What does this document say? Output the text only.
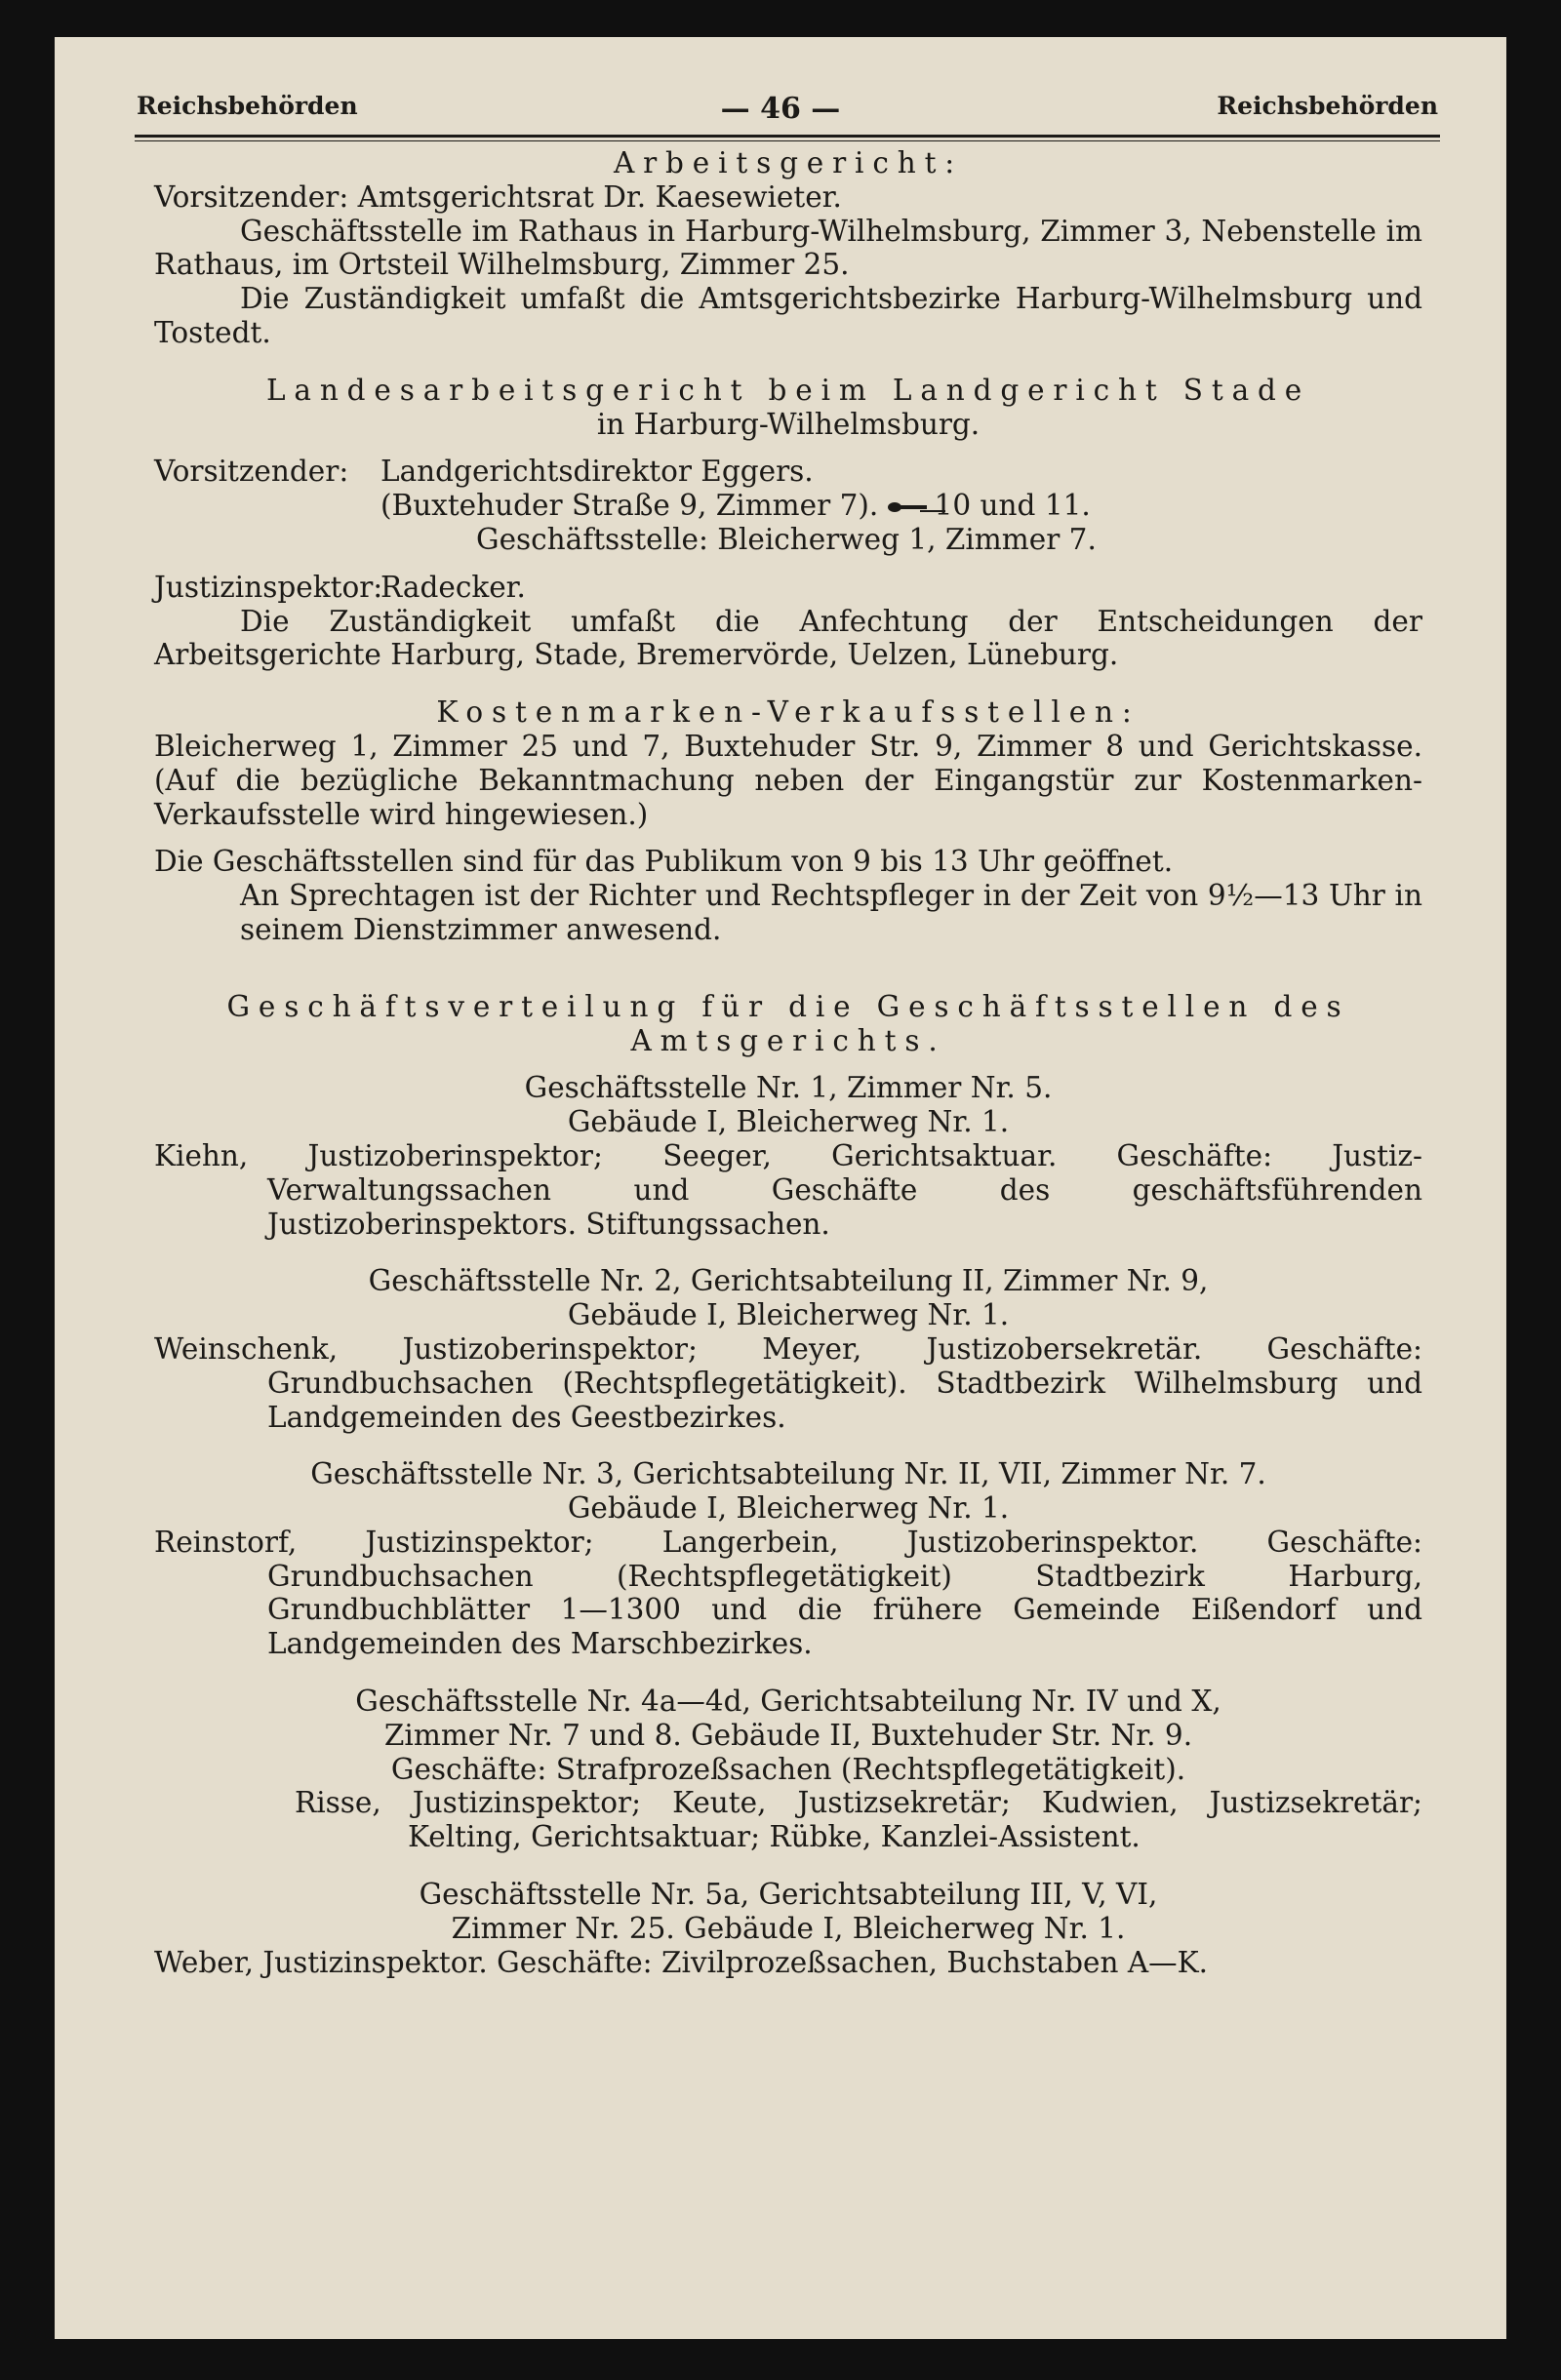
Reichsbehörden	— 46 —	Reichsbehörden

Arbeitsgericht:

Vorsitzender: Amtsgerichtsrat Dr. Kaesewieter.

Geschäftsstelle im Rathaus in Harburg-Wilhelmsburg, Zimmer 3, Nebenstelle im Rathaus, im Ortsteil Wilhelmsburg, Zimmer 25.

Die Zuständigkeit umfaßt die Amtsgerichtsbezirke Harburg-Wilhelmsburg und Tostedt.

Landesarbeitsgericht beim Landgericht Stade

in Harburg-Wilhelmsburg.

Vorsitzender:	Landgerichtsdirektor Eggers.

(Buxtehuder Straße 9, Zimmer 7). 10 und 11.

Geschäftsstelle: Bleicherweg 1, Zimmer 7.

Justizinspektor:
Radecker.

Die Zuständigkeit umfaßt die Anfechtung der Entscheidungen der Arbeitsgerichte Harburg, Stade, Bremervörde, Uelzen, Lüneburg.

Kostenmarken-Verkaufsstellen:

Bleicherweg 1, Zimmer 25 und 7, Buxtehuder Str. 9, Zimmer 8 und Gerichtskasse. (Auf die bezügliche Bekanntmachung neben der Eingangstür zur Kostenmarken-Verkaufsstelle wird hingewiesen.)

Die Geschäftsstellen sind für das Publikum von 9 bis 13 Uhr geöffnet.

An Sprechtagen ist der Richter und Rechtspfleger in der Zeit von 9½—13 Uhr in seinem Dienstzimmer anwesend.

Geschäftsverteilung für die Geschäftsstellen des

Amtsgerichts.

Geschäftsstelle Nr. 1, Zimmer Nr. 5.

Gebäude I, Bleicherweg Nr. 1.

Kiehn, Justizoberinspektor; Seeger, Gerichtsaktuar. Geschäfte: Justiz-Verwaltungssachen und Geschäfte des geschäftsführenden Justizoberinspektors. Stiftungssachen.

Geschäftsstelle Nr. 2, Gerichtsabteilung II, Zimmer Nr. 9,

Gebäude I, Bleicherweg Nr. 1.

Weinschenk, Justizoberinspektor; Meyer, Justizobersekretär. Geschäfte: Grundbuchsachen (Rechtspflegetätigkeit). Stadtbezirk Wilhelmsburg und Landgemeinden des Geestbezirkes.

Geschäftsstelle Nr. 3, Gerichtsabteilung Nr. II, VII, Zimmer Nr. 7.

Gebäude I, Bleicherweg Nr. 1.

Reinstorf, Justizinspektor; Langerbein, Justizoberinspektor. Geschäfte: Grundbuchsachen (Rechtspflegetätigkeit) Stadtbezirk Harburg, Grundbuchblätter 1—1300 und die frühere Gemeinde Eißendorf und Landgemeinden des Marschbezirkes.

Geschäftsstelle Nr. 4a—4d, Gerichtsabteilung Nr. IV und X,

Zimmer Nr. 7 und 8. Gebäude II, Buxtehuder Str. Nr. 9.

Geschäfte: Strafprozeßsachen (Rechtspflegetätigkeit).

Risse, Justizinspektor; Keute, Justizsekretär; Kudwien, Justizsekretär; Kelting, Gerichtsaktuar; Rübke, Kanzlei-Assistent.

Geschäftsstelle Nr. 5a, Gerichtsabteilung III, V, VI,

Zimmer Nr. 25. Gebäude I, Bleicherweg Nr. 1.

Weber, Justizinspektor. Geschäfte: Zivilprozeßsachen, Buchstaben A—K.
